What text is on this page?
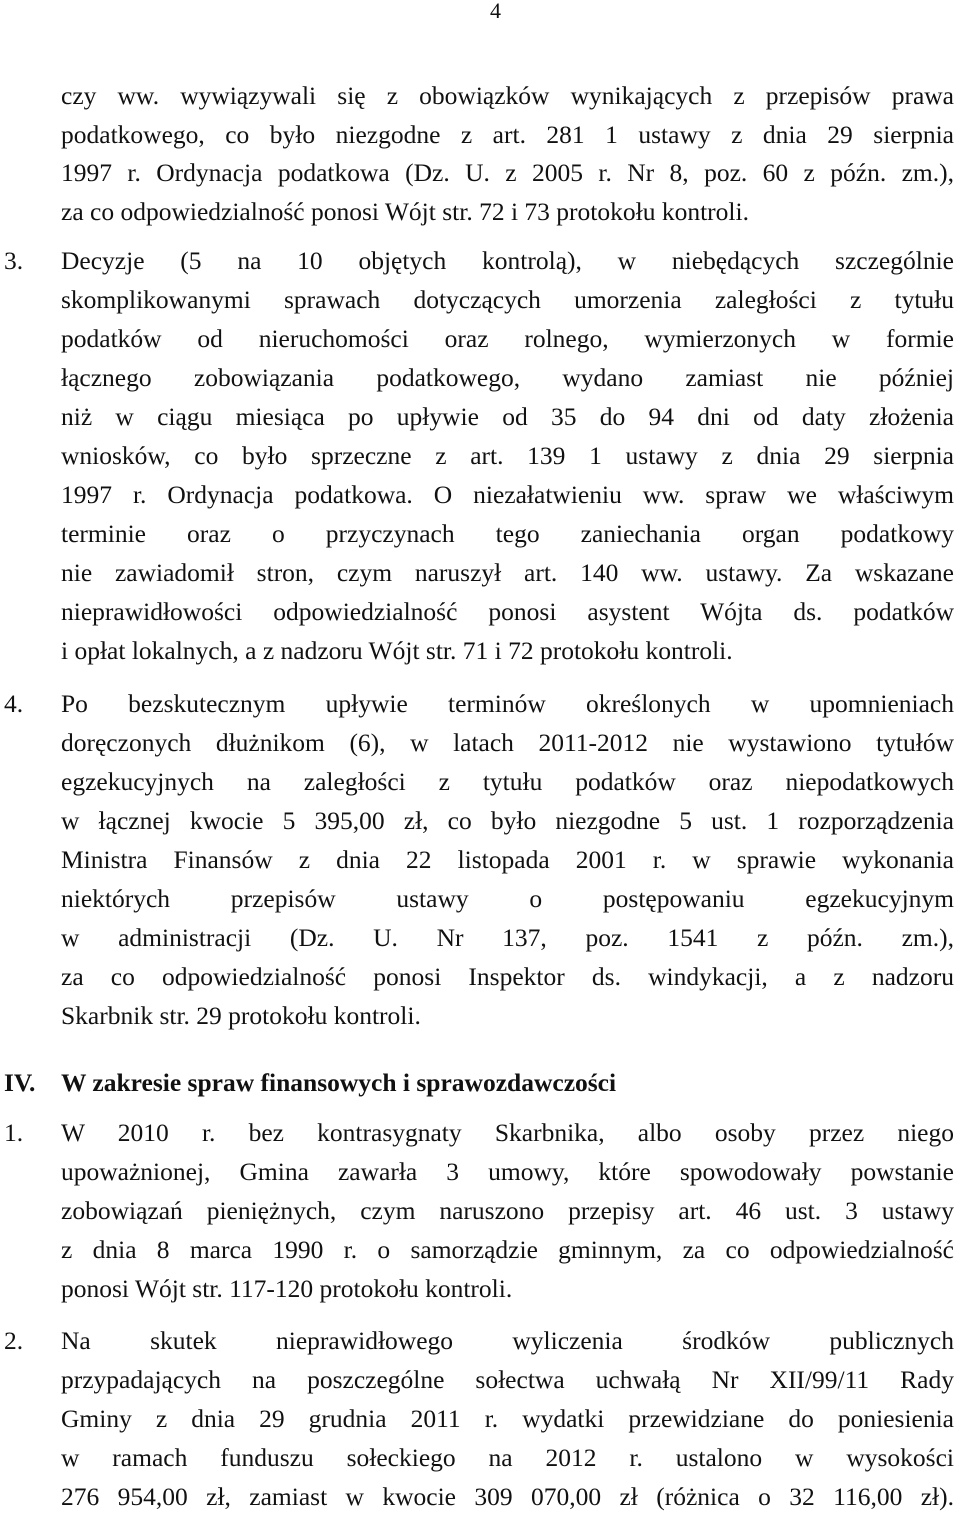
4
czy ww. wywiązywali się z obowiązków wynikających z przepisów prawa
podatkowego, co było niezgodne z art. 281 1 ustawy z dnia 29 sierpnia
1997 r. Ordynacja podatkowa (Dz. U. z 2005 r. Nr 8, poz. 60 z późn. zm.),
za co odpowiedzialność ponosi Wójt str. 72 i 73 protokołu kontroli.
3. Decyzje (5 na 10 objętych kontrolą), w niebędących szczególnie
skomplikowanymi sprawach dotyczących umorzenia zaległości z tytułu
podatków od nieruchomości oraz rolnego, wymierzonych w formie
łącznego zobowiązania podatkowego, wydano zamiast nie później
niż w ciągu miesiąca po upływie od 35 do 94 dni od daty złożenia
wniosków, co było sprzeczne z art. 139 1 ustawy z dnia 29 sierpnia
1997 r. Ordynacja podatkowa. O niezałatwieniu ww. spraw we właściwym
terminie oraz o przyczynach tego zaniechania organ podatkowy
nie zawiadomił stron, czym naruszył art. 140 ww. ustawy. Za wskazane
nieprawidłowości odpowiedzialność ponosi asystent Wójta ds. podatków
i opłat lokalnych, a z nadzoru Wójt str. 71 i 72 protokołu kontroli.
4. Po bezskutecznym upływie terminów określonych w upomnieniach
doręczonych dłużnikom (6), w latach 2011-2012 nie wystawiono tytułów
egzekucyjnych na zaległości z tytułu podatków oraz niepodatkowych
w łącznej kwocie 5 395,00 zł, co było niezgodne 5 ust. 1 rozporządzenia
Ministra Finansów z dnia 22 listopada 2001 r. w sprawie wykonania
niektórych przepisów ustawy o postępowaniu egzekucyjnym
w administracji (Dz. U. Nr 137, poz. 1541 z późn. zm.),
za co odpowiedzialność ponosi Inspektor ds. windykacji, a z nadzoru
Skarbnik str. 29 protokołu kontroli.
IV. W zakresie spraw finansowych i sprawozdawczości
1. W 2010 r. bez kontrasygnaty Skarbnika, albo osoby przez niego
upoważnionej, Gmina zawarła 3 umowy, które spowodowały powstanie
zobowiązań pieniężnych, czym naruszono przepisy art. 46 ust. 3 ustawy
z dnia 8 marca 1990 r. o samorządzie gminnym, za co odpowiedzialność
ponosi Wójt str. 117-120 protokołu kontroli.
2. Na skutek nieprawidłowego wyliczenia środków publicznych
przypadających na poszczególne sołectwa uchwałą Nr XII/99/11 Rady
Gminy z dnia 29 grudnia 2011 r. wydatki przewidziane do poniesienia
w ramach funduszu sołeckiego na 2012 r. ustalono w wysokości
276 954,00 zł, zamiast w kwocie 309 070,00 zł (różnica o 32 116,00 zł).
